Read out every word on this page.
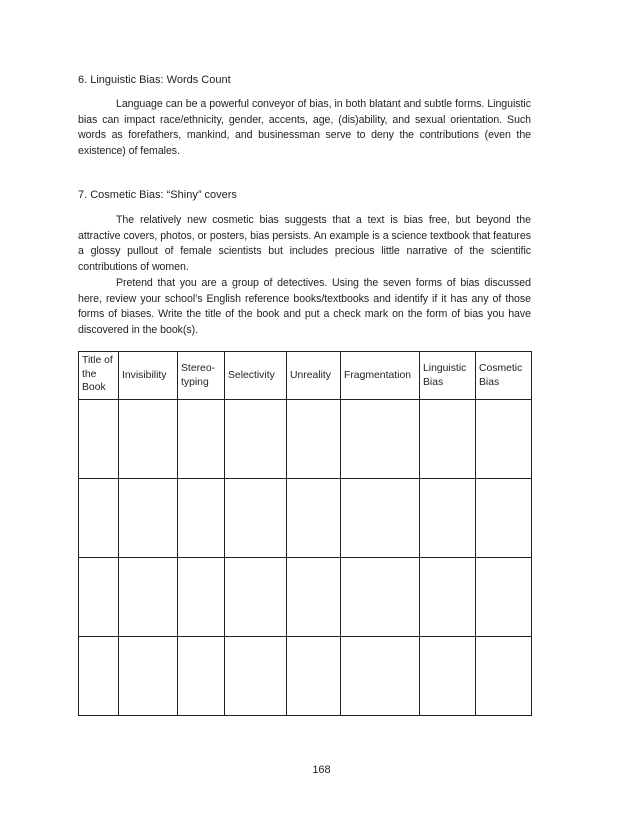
6. Linguistic Bias: Words Count

Language can be a powerful conveyor of bias, in both blatant and subtle forms. Linguistic bias can impact race/ethnicity, gender, accents, age, (dis)ability, and sexual orientation. Such words as forefathers, mankind, and businessman serve to deny the contributions (even the existence) of females.

7. Cosmetic Bias: “Shiny” covers

The relatively new cosmetic bias suggests that a text is bias free, but beyond the attractive covers, photos, or posters, bias persists. An example is a science textbook that features a glossy pullout of female scientists but includes precious little narrative of the scientific contributions of women.

Pretend that you are a group of detectives. Using the seven forms of bias discussed here, review your school’s English reference books/textbooks and identify if it has any of those forms of biases. Write the title of the book and put a check mark on the form of bias you have discovered in the book(s).

Title of the Book	Invisibility	Stereo- typing	Selectivity	Unreality	Fragmentation	Linguistic Bias	Cosmetic Bias

168
